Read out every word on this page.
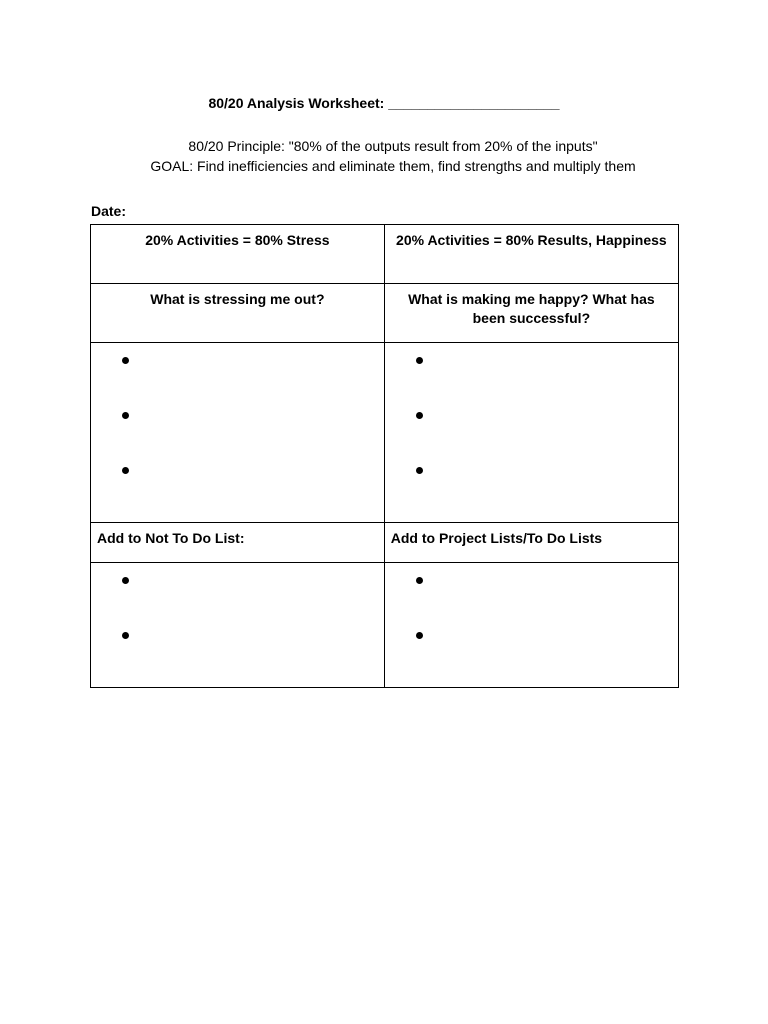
80/20 Analysis Worksheet: ______________________
80/20 Principle: "80% of the outputs result from 20% of the inputs"
GOAL: Find inefficiencies and eliminate them, find strengths and multiply them
Date:
20% Activities = 80% Stress	20% Activities = 80% Results, Happiness
What is stressing me out?	What is making me happy? What has been successful?

Add to Not To Do List:	Add to Project Lists/To Do Lists
